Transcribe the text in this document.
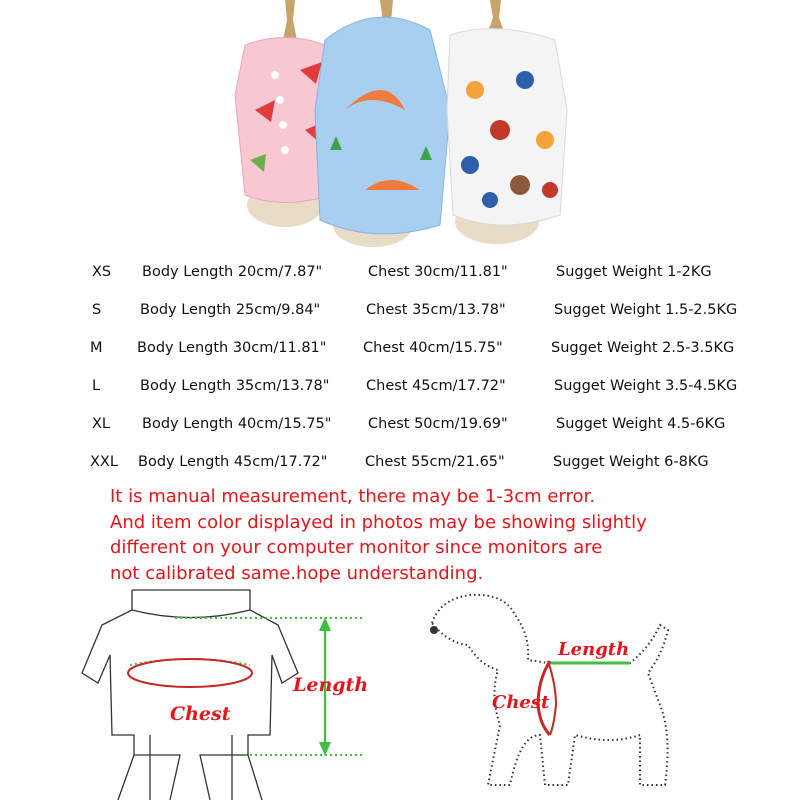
XS Body Length 20cm/7.87"	Chest 30cm/11.81"	Sugget Weight 1-2KG
S	Body Length 25cm/9.84"	Chest 35cm/13.78"	Sugget Weight 1.5-2.5KG
M Body Length 30cm/11.81"	Chest 40cm/15.75"	Sugget Weight 2.5-3.5KG
L	Body Length 35cm/13.78"	Chest 45cm/17.72"	Sugget Weight 3.5-4.5KG
XL Body Length 40cm/15.75"	Chest 50cm/19.69"	Sugget Weight 4.5-6KG
XXL Body Length 45cm/17.72"	Chest 55cm/21.65"	Sugget Weight 6-8KG
It is manual measurement, there may be 1-3cm error.
And item color displayed in photos may be showing slightly
different on your computer monitor since monitors are
not calibrated same.hope understanding.
Length
Chest
Length
Chest
